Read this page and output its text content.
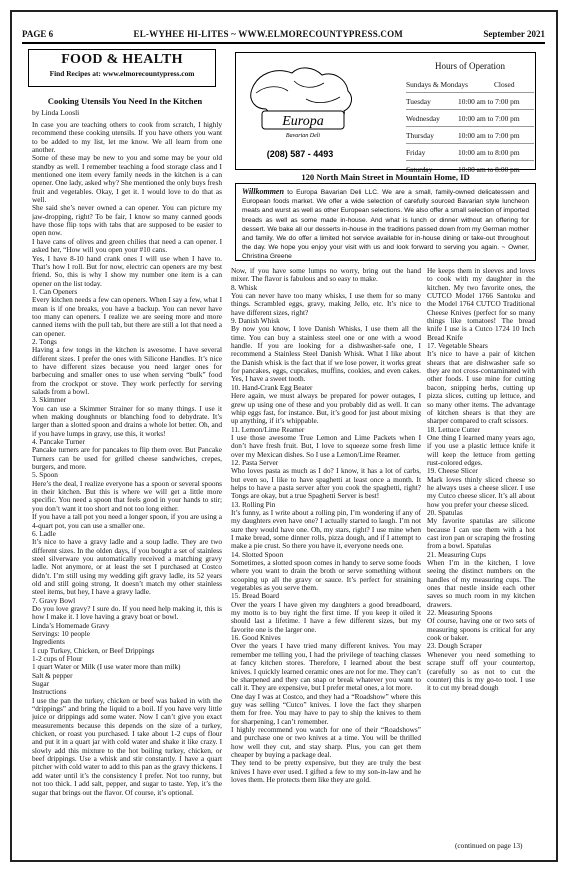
PAGE 6	EL-WYHEE HI-LITES ~ WWW.ELMORECOUNTYPRESS.COM	September 2021
FOOD & HEALTH
Find Recipes at: www.elmorecountypress.com
Cooking Utensils You Need In the Kitchen
by Linda Loosli
Europa
Bavarian Deli
(208) 587 - 4493
Hours of Operation
Sundays & Mondays	Closed
Tuesday	10:00 am to 7:00 pm
Wednesday	10:00 am to 7:00 pm
Thursday	10:00 am to 7:00 pm
Friday	10:00 am to 8:00 pm
Saturday	10:00 am to 8:00 pm
120 North Main Street in Mountain Home, ID
Willkommen to Europa Bavarian Deli LLC. We are a small, family-owned delicatessen and European foods market. We offer a wide selection of carefully sourced Bavarian style luncheon meats and wurst as well as other European selections. We also offer a small selection of imported breads as well as some made in-house. And what is lunch or dinner without an offering for dessert. We bake all our desserts in-house in the traditions passed down from my German mother and family. We do offer a limited hot service available for in-house dining or take-out throughout the day. We hope you enjoy your visit with us and look forward to serving you again. ~ Owner, Christina Greene

In case you are teaching others to cook from scratch, I highly recommend these cooking utensils. If you have others you want to be added to my list, let me know. We all learn from one another.

Some of these may be new to you and some may be your old standby as well. I remember teaching a food storage class and I mentioned one item every family needs in the kitchen is a can opener. One lady, asked why? She mentioned the only buys fresh fruit and vegetables. Okay, I get it. I would love to do that as well.

She said she’s never owned a can opener. You can picture my jaw-dropping, right? To be fair, I know so many canned goods have those flip tops with tabs that are supposed to be easier to open now.

I have cans of olives and green chilies that need a can opener. I asked her, “How will you open your #10 cans.

Yes, I have 8-10 hand crank ones I will use when I have to. That’s how I roll. But for now, electric can openers are my best friend. So, this is why I show my number one item is a can opener on the list today.

1. Can Openers

Every kitchen needs a few can openers. When I say a few, what I mean is if one breaks, you have a backup. You can never have too many can openers. I realize we are seeing more and more canned items with the pull tab, but there are still a lot that need a can opener.

2. Tongs

Having a few tongs in the kitchen is awesome. I have several different sizes. I prefer the ones with Silicone Handles. It’s nice to have different sizes because you need larger ones for barbecuing and smaller ones to use when serving “bulk” food from the crockpot or stove. They work perfectly for serving salads from a bowl.

3. Skimmer

You can use a Skimmer Strainer for so many things. I use it when making doughnuts or blanching food to dehydrate. It’s larger than a slotted spoon and drains a whole lot better. Oh, and if you have lumps in gravy, use this, it works!

4. Pancake Turner

Pancake turners are for pancakes to flip them over. But Pancake Turners can be used for grilled cheese sandwiches, crepes, burgers, and more.

5. Spoon

Here’s the deal, I realize everyone has a spoon or several spoons in their kitchen. But this is where we will get a little more specific. You need a spoon that feels good in your hands to stir; you don’t want it too short and not too long either.

If you have a tall pot you need a longer spoon, if you are using a 4-quart pot, you can use a smaller one.

6. Ladle

It’s nice to have a gravy ladle and a soup ladle. They are two different sizes. In the olden days, if you bought a set of stainless steel silverware you automatically received a matching gravy ladle. Not anymore, or at least the set I purchased at Costco didn’t. I’m still using my wedding gift gravy ladle, its 52 years old and still going strong. It doesn’t match my other stainless steel items, but hey, I have a gravy ladle.

7. Gravy Bowl

Do you love gravy? I sure do. If you need help making it, this is how I make it. I love having a gravy boat or bowl.

Linda’s Homemade Gravy

Servings: 10 people

Ingredients

1 cup Turkey, Chicken, or Beef Drippings

1-2 cups of Flour

1 quart Water or Milk (I use water more than milk)

Salt & pepper

Sugar

Instructions

I use the pan the turkey, chicken or beef was baked in with the “drippings” and bring the liquid to a boil. If you have very little juice or drippings add some water. Now I can’t give you exact measurements because this depends on the size of a turkey, chicken, or roast you purchased. I take about 1-2 cups of flour and put it in a quart jar with cold water and shake it like crazy. I slowly add this mixture to the hot boiling turkey, chicken, or beef drippings. Use a whisk and stir constantly. I have a quart pitcher with cold water to add to this pan as the gravy thickens. I add water until it’s the consistency I prefer. Not too runny, but not too thick. I add salt, pepper, and sugar to taste. Yep, it’s the sugar that brings out the flavor. Of course, it’s optional.

Now, if you have some lumps no worry, bring out the hand mixer. The flavor is fabulous and so easy to make.

8. Whisk

You can never have too many whisks, I use them for so many things. Scrambled eggs, gravy, making Jello, etc. It’s nice to have different sizes, right?

9. Danish Whisk

By now you know, I love Danish Whisks, I use them all the time. You can buy a stainless steel one or one with a wood handle. If you are looking for a dishwasher-safe one, I recommend a Stainless Steel Danish Whisk. What I like about the Danish whisk is the fact that if we lose power, it works great for pancakes, eggs, cupcakes, muffins, cookies, and even cakes. Yes, I have a sweet tooth.

10. Hand-Crank Egg Beater

Here again, we must always be prepared for power outages, I grew up using one of these and you probably did as well. It can whip eggs fast, for instance. But, it’s good for just about mixing up anything, if it’s whippable.

11. Lemon/Lime Reamer

I use those awesome True Lemon and Lime Packets when I don’t have fresh fruit. But, I love to squeeze some fresh lime over my Mexican dishes. So I use a Lemon/Lime Reamer.

12. Pasta Server

Who loves pasta as much as I do? I know, it has a lot of carbs, but even so, I like to have spaghetti at least once a month. It helps to have a pasta server after you cook the spaghetti, right? Tongs are okay, but a true Spaghetti Server is best!

13. Rolling Pin

It’s funny, as I write about a rolling pin, I’m wondering if any of my daughters even have one? I actually started to laugh. I’m not sure they would have one. Oh, my stars, right? I use mine when I make bread, some dinner rolls, pizza dough, and if I attempt to make a pie crust. So there you have it, everyone needs one.

14. Slotted Spoon

Sometimes, a slotted spoon comes in handy to serve some foods where you want to drain the broth or serve something without scooping up all the gravy or sauce. It’s perfect for straining vegetables as you serve them.

15. Bread Board

Over the years I have given my daughters a good breadboard, my motto is to buy right the first time. If you keep it oiled it should last a lifetime. I have a few different sizes, but my favorite one is the larger one.

16. Good Knives

Over the years I have tried many different knives. You may remember me telling you, I had the privilege of teaching classes at fancy kitchen stores. Therefore, I learned about the best knives. I quickly learned ceramic ones are not for me. They can’t be sharpened and they can snap or break whatever you want to call it. They are expensive, but I prefer metal ones, a lot more.

One day I was at Costco, and they had a “Roadshow” where this guy was selling “Cutco” knives. I love the fact they sharpen them for free. You may have to pay to ship the knives to them for sharpening, I can’t remember.

I highly recommend you watch for one of their “Roadshows” and purchase one or two knives at a time. You will be thrilled how well they cut, and stay sharp. Plus, you can get them cheaper by buying a package deal.

They tend to be pretty expensive, but they are truly the best knives I have ever used. I gifted a few to my son-in-law and he loves them. He protects them like they are gold.

He keeps them in sleeves and loves to cook with my daughter in the kitchen. My two favorite ones, the CUTCO Model 1766 Santoku and the Model 1764 CUTCO Traditional Cheese Knives (perfect for so many things like tomatoes! The bread knife I use is a Cutco 1724 10 Inch Bread Knife

17. Vegetable Shears

It’s nice to have a pair of kitchen shears that are dishwasher safe so they are not cross-contaminated with other foods. I use mine for cutting bacon, snipping herbs, cutting up pizza slices, cutting up lettuce, and so many other items. The advantage of kitchen shears is that they are sharper compared to craft scissors.

18. Lettuce Cutter

One thing I learned many years ago, if you use a plastic lettuce knife it will keep the lettuce from getting rust-colored edges.

19. Cheese Slicer

Mark loves thinly sliced cheese so he always uses a cheese slicer. I use my Cutco cheese slicer. It’s all about how you prefer your cheese sliced.

20. Spatulas

My favorite spatulas are silicone because I can use them with a hot cast iron pan or scraping the frosting from a bowl. Spatulas

21. Measuring Cups

When I’m in the kitchen, I love seeing the distinct numbers on the handles of my measuring cups. The ones that nestle inside each other saves so much room in my kitchen drawers.

22. Measuring Spoons

Of course, having one or two sets of measuring spoons is critical for any cook or baker.

23. Dough Scraper

Whenever you need something to scrape stuff off your countertop, (carefully so as not to cut the counter) this is my go-to tool. I use it to cut my bread dough

(continued on page 13)
